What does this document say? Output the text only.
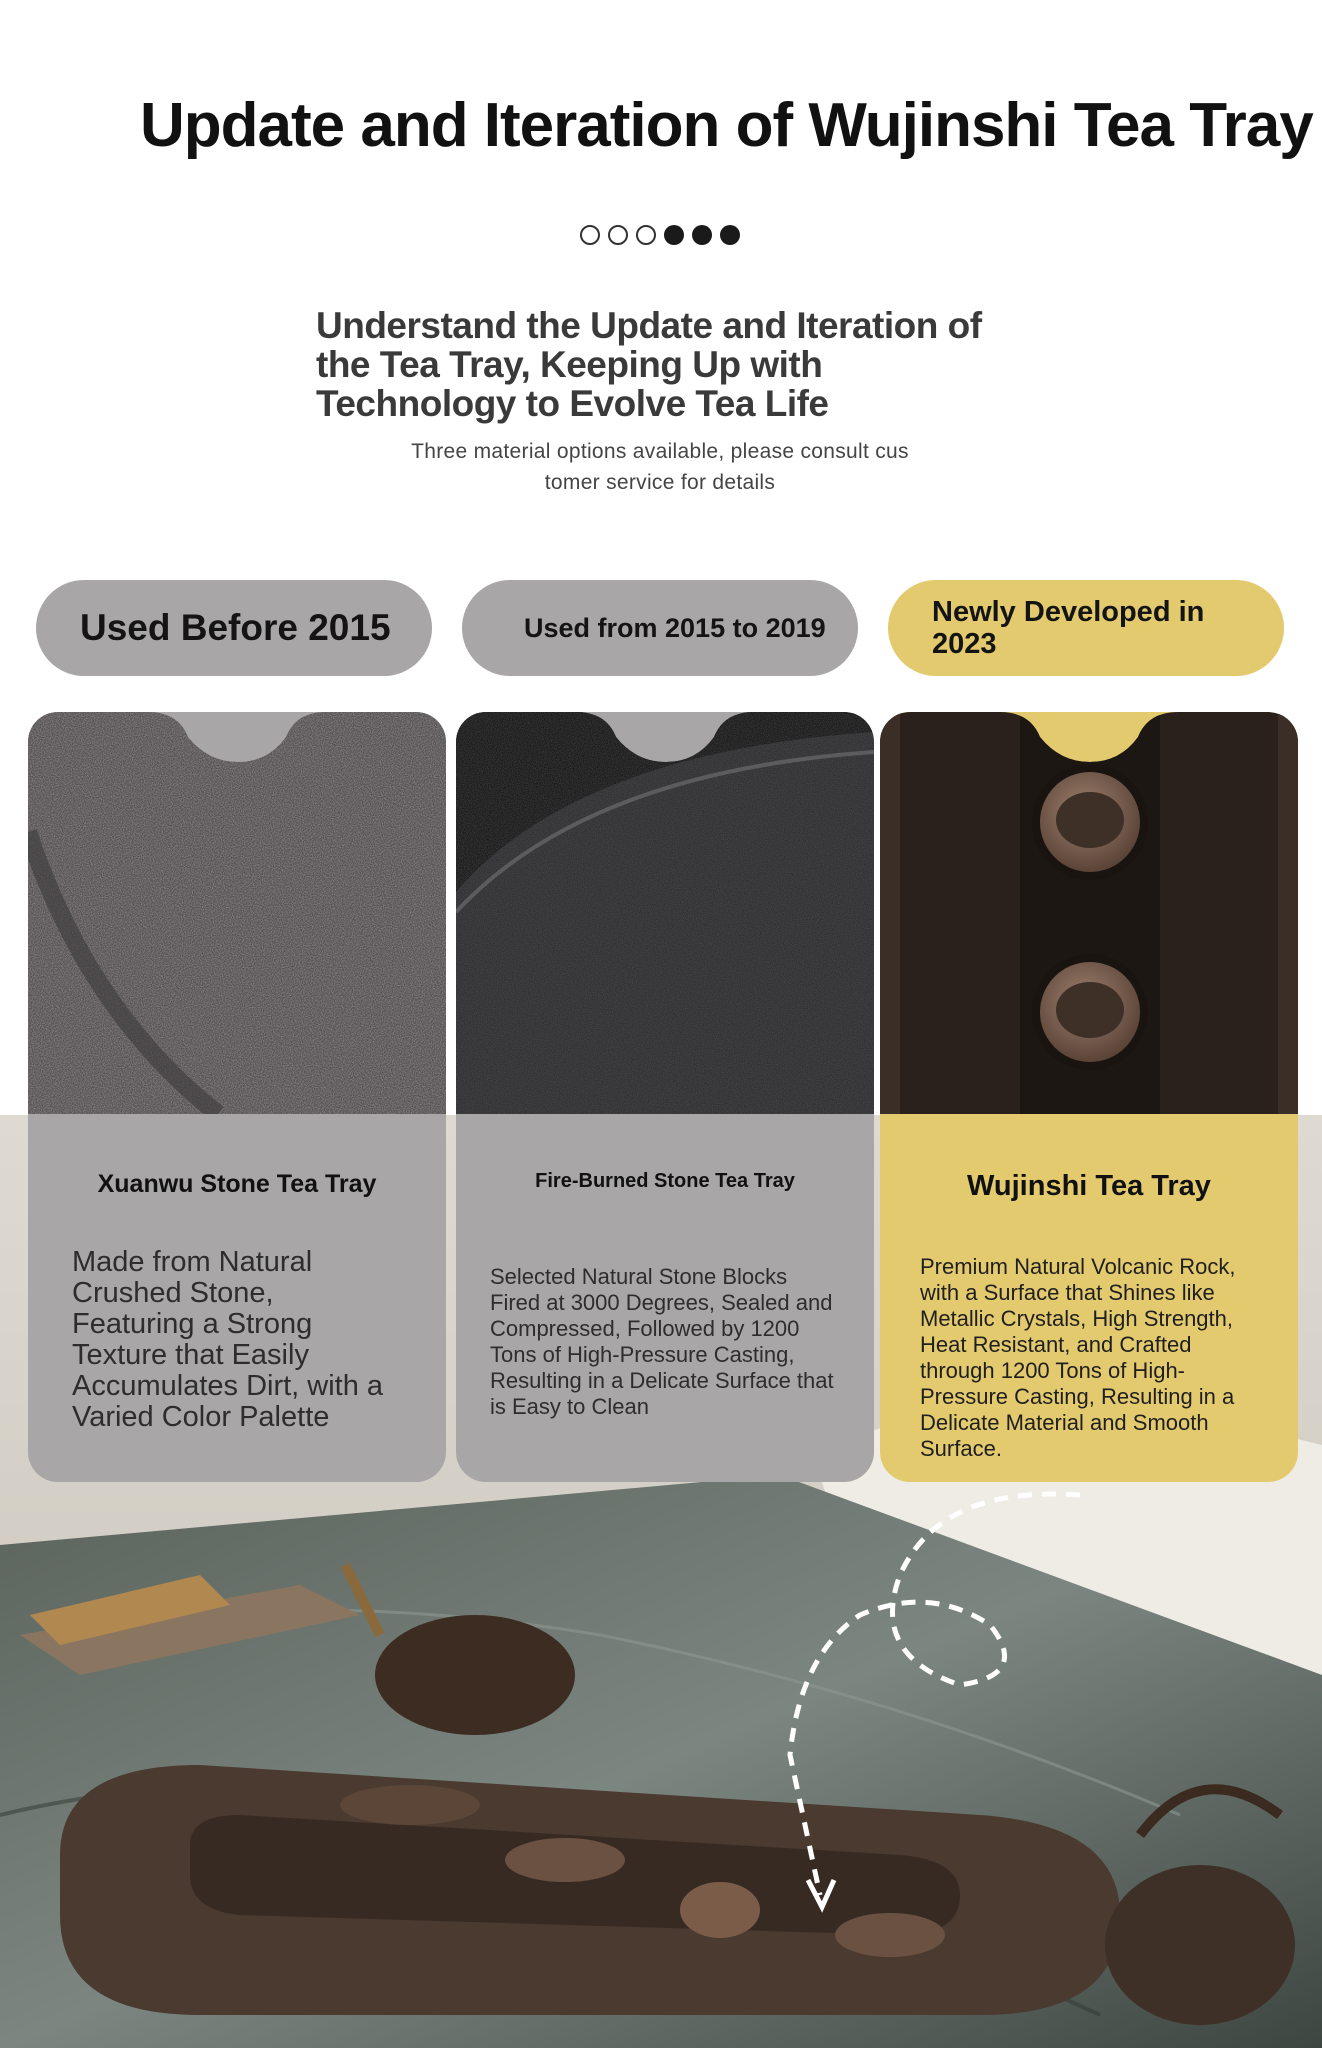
Update and Iteration of Wujinshi Tea Tray
Understand the Update and Iteration of
the Tea Tray, Keeping Up with
Technology to Evolve Tea Life
Three material options available, please consult cus
tomer service for details
Used Before 2015	Used from 2015 to 2019	Newly Developed in 2023
Xuanwu Stone Tea Tray
Made from Natural Crushed Stone, Featuring a Strong Texture that Easily Accumulates Dirt, with a Varied Color Palette
Fire-Burned Stone Tea Tray
Selected Natural Stone Blocks Fired at 3000 Degrees, Sealed and Compressed, Followed by 1200 Tons of High-Pressure Casting, Resulting in a Delicate Surface that is Easy to Clean
Wujinshi Tea Tray
Premium Natural Volcanic Rock, with a Surface that Shines like Metallic Crystals, High Strength, Heat Resistant, and Crafted through 1200 Tons of High-Pressure Casting, Resulting in a Delicate Material and Smooth Surface.
